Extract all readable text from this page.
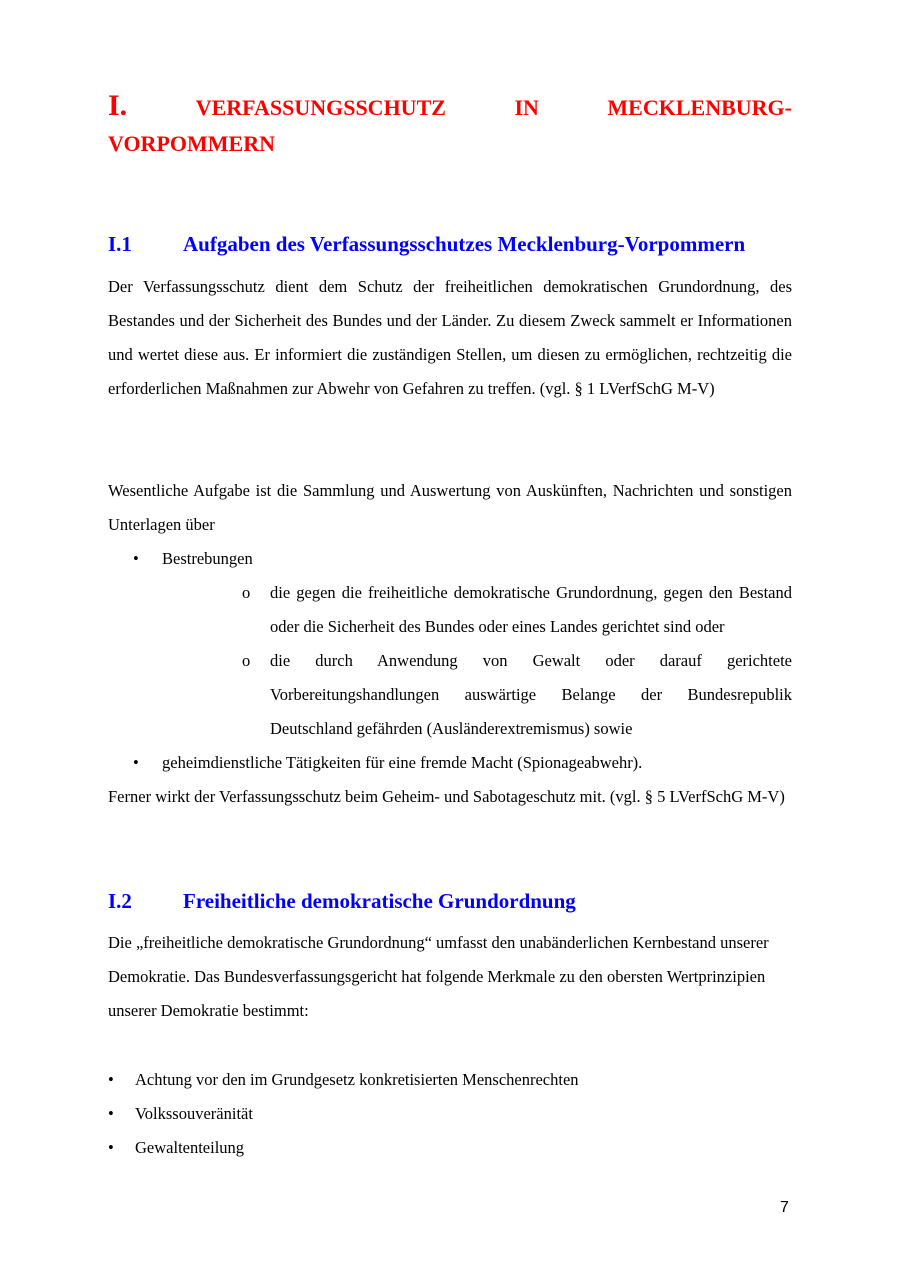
I.	VERFASSUNGSSCHUTZ	IN	MECKLENBURG-
VORPOMMERN
I.1 Aufgaben des Verfassungsschutzes Mecklenburg-Vorpommern
Der Verfassungsschutz dient dem Schutz der freiheitlichen demokratischen Grundordnung, des Bestandes und der Sicherheit des Bundes und der Länder. Zu diesem Zweck sammelt er Informationen und wertet diese aus. Er informiert die zuständigen Stellen, um diesen zu ermöglichen, rechtzeitig die erforderlichen Maßnahmen zur Abwehr von Gefahren zu treffen. (vgl. § 1 LVerfSchG M-V)
Wesentliche Aufgabe ist die Sammlung und Auswertung von Auskünften, Nachrichten und sonstigen Unterlagen über
• Bestrebungen
o die gegen die freiheitliche demokratische Grundordnung, gegen den Bestand oder die Sicherheit des Bundes oder eines Landes gerichtet sind oder
o die durch Anwendung von Gewalt oder darauf gerichtete Vorbereitungshandlungen auswärtige Belange der Bundesrepublik Deutschland gefährden (Ausländerextremismus) sowie
• geheimdienstliche Tätigkeiten für eine fremde Macht (Spionageabwehr).
Ferner wirkt der Verfassungsschutz beim Geheim- und Sabotageschutz mit. (vgl. § 5 LVerfSchG M-V)
I.2 Freiheitliche demokratische Grundordnung
Die „freiheitliche demokratische Grundordnung“ umfasst den unabänderlichen Kernbestand unserer Demokratie. Das Bundesverfassungsgericht hat folgende Merkmale zu den obersten Wertprinzipien unserer Demokratie bestimmt:
• Achtung vor den im Grundgesetz konkretisierten Menschenrechten
• Volkssouveränität
• Gewaltenteilung
7
